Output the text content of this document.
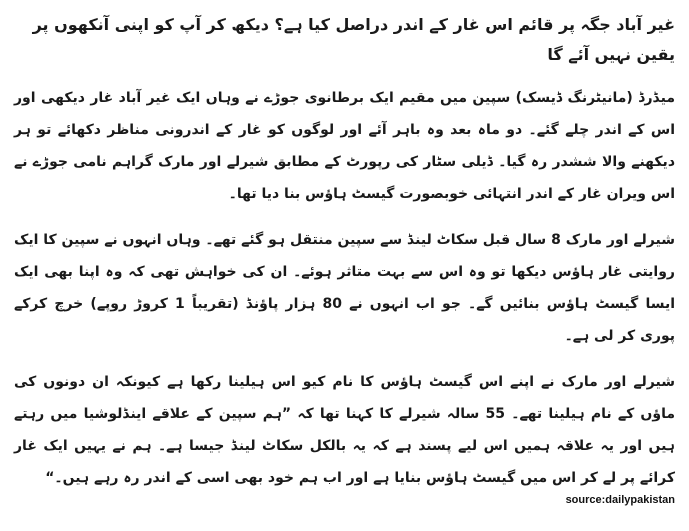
غیر آباد جگہ پر قائم اس غار کے اندر دراصل کیا ہے؟ دیکھ کر آپ کو اپنی آنکھوں پر یقین نہیں آئے گا

میڈرڈ (مانیٹرنگ ڈیسک) سپین میں مقیم ایک برطانوی جوڑے نے وہاں ایک غیر آباد غار دیکھی اور اس کے اندر چلے گئے۔ دو ماہ بعد وہ باہر آئے اور لوگوں کو غار کے اندرونی مناظر دکھائے تو ہر دیکھنے والا ششدر رہ گیا۔ ڈیلی سٹار کی رپورٹ کے مطابق شیرلے اور مارک گراہم نامی جوڑے نے اس ویران غار کے اندر انتہائی خوبصورت گیسٹ ہاؤس بنا دیا تھا۔

شیرلے اور مارک 8 سال قبل سکاٹ لینڈ سے سپین منتقل ہو گئے تھے۔ وہاں انہوں نے سپین کا ایک روایتی غار ہاؤس دیکھا تو وہ اس سے بہت متاثر ہوئے۔ ان کی خواہش تھی کہ وہ اپنا بھی ایک ایسا گیسٹ ہاؤس بنائیں گے۔ جو اب انہوں نے 80 ہزار پاؤنڈ (تقریباً 1 کروڑ روپے) خرچ کرکے پوری کر لی ہے۔

شیرلے اور مارک نے اپنے اس گیسٹ ہاؤس کا نام کیو اس ہیلینا رکھا ہے کیونکہ ان دونوں کی ماؤں کے نام ہیلینا تھے۔ 55 سالہ شیرلے کا کہنا تھا کہ ”ہم سپین کے علاقے اینڈلوشیا میں رہتے ہیں اور یہ علاقہ ہمیں اس لیے پسند ہے کہ یہ بالکل سکاٹ لینڈ جیسا ہے۔ ہم نے یہیں ایک غار کرائے پر لے کر اس میں گیسٹ ہاؤس بنایا ہے اور اب ہم خود بھی اسی کے اندر رہ رہے ہیں۔“

source:dailypakistan
